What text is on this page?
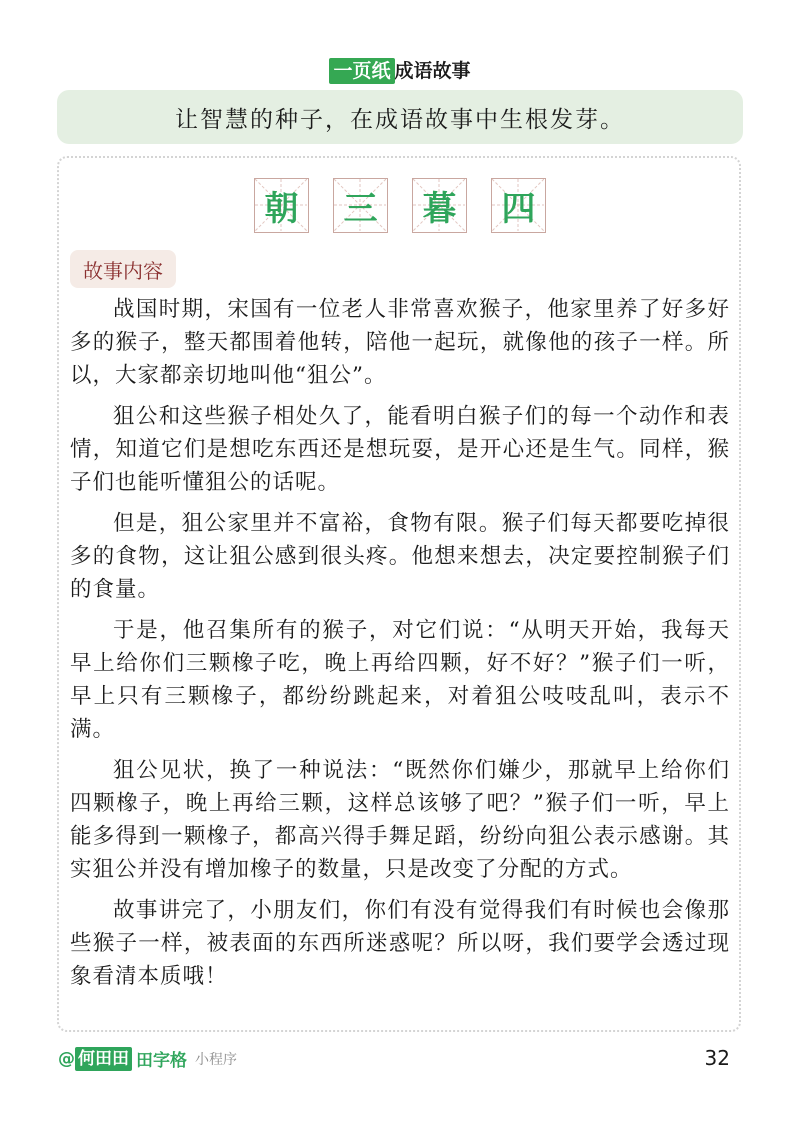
一页纸 成语故事
让智慧的种子，在成语故事中生根发芽。
朝 三 暮 四
故事内容

战国时期，宋国有一位老人非常喜欢猴子，他家里养了好多好多的猴子，整天都围着他转，陪他一起玩，就像他的孩子一样。所以，大家都亲切地叫他“狙公”。

狙公和这些猴子相处久了，能看明白猴子们的每一个动作和表情，知道它们是想吃东西还是想玩耍，是开心还是生气。同样，猴子们也能听懂狙公的话呢。

但是，狙公家里并不富裕，食物有限。猴子们每天都要吃掉很多的食物，这让狙公感到很头疼。他想来想去，决定要控制猴子们的食量。

于是，他召集所有的猴子，对它们说：“从明天开始，我每天早上给你们三颗橡子吃，晚上再给四颗，好不好？”猴子们一听，早上只有三颗橡子，都纷纷跳起来，对着狙公吱吱乱叫，表示不满。

狙公见状，换了一种说法：“既然你们嫌少，那就早上给你们四颗橡子，晚上再给三颗，这样总该够了吧？”猴子们一听，早上能多得到一颗橡子，都高兴得手舞足蹈，纷纷向狙公表示感谢。其实狙公并没有增加橡子的数量，只是改变了分配的方式。

故事讲完了，小朋友们，你们有没有觉得我们有时候也会像那些猴子一样，被表面的东西所迷惑呢？所以呀，我们要学会透过现象看清本质哦！

@ 何田田 田字格 小程序	32
